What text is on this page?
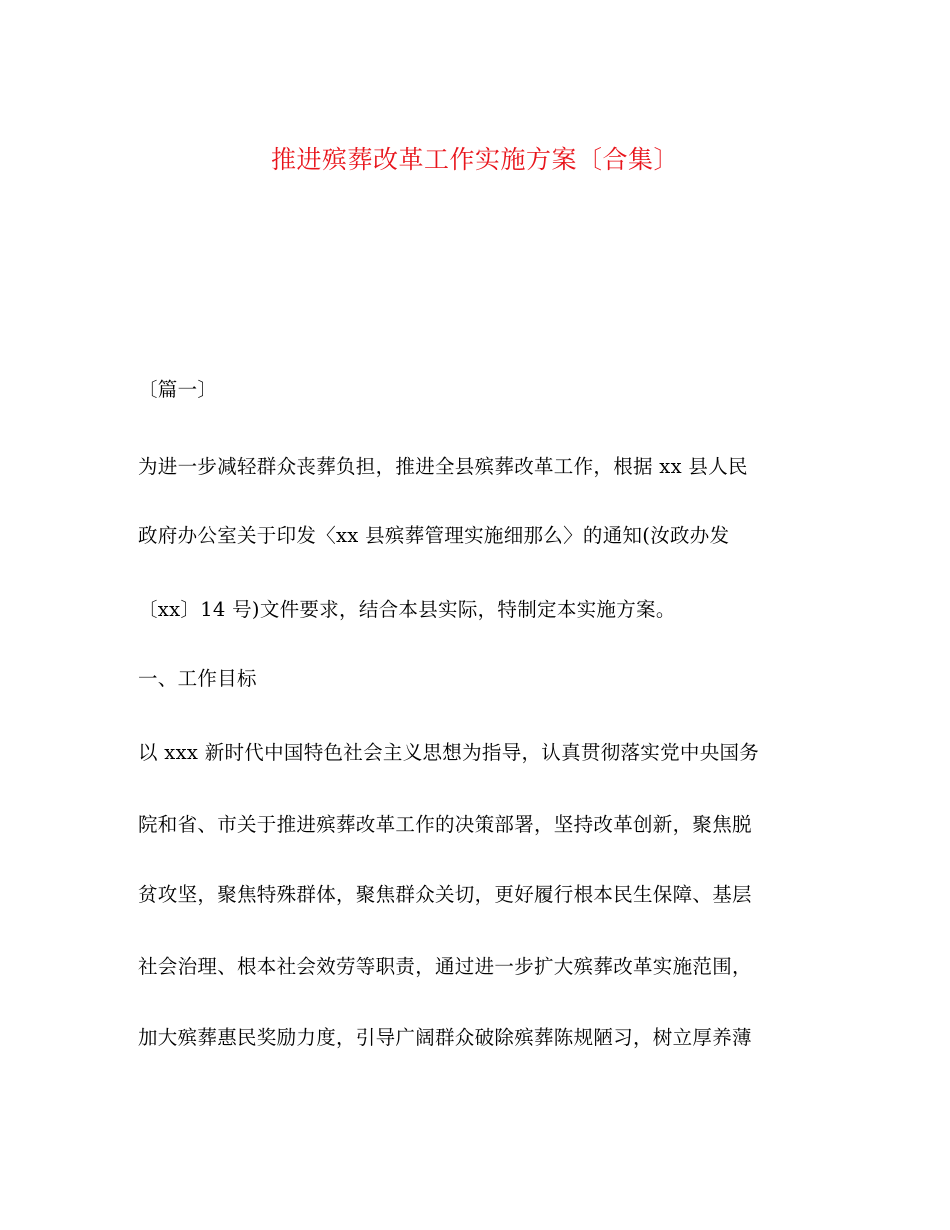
推进殡葬改革工作实施方案〔合集〕
〔篇一〕
为进一步减轻群众丧葬负担，推进全县殡葬改革工作，根据 xx 县人民
政府办公室关于印发〈xx 县殡葬管理实施细那么〉的通知(汝政办发
〔xx〕14 号)文件要求，结合本县实际，特制定本实施方案。
一、工作目标
以 xxx 新时代中国特色社会主义思想为指导，认真贯彻落实党中央国务
院和省、市关于推进殡葬改革工作的决策部署，坚持改革创新，聚焦脱
贫攻坚，聚焦特殊群体，聚焦群众关切，更好履行根本民生保障、基层
社会治理、根本社会效劳等职责，通过进一步扩大殡葬改革实施范围，
加大殡葬惠民奖励力度，引导广阔群众破除殡葬陈规陋习，树立厚养薄
